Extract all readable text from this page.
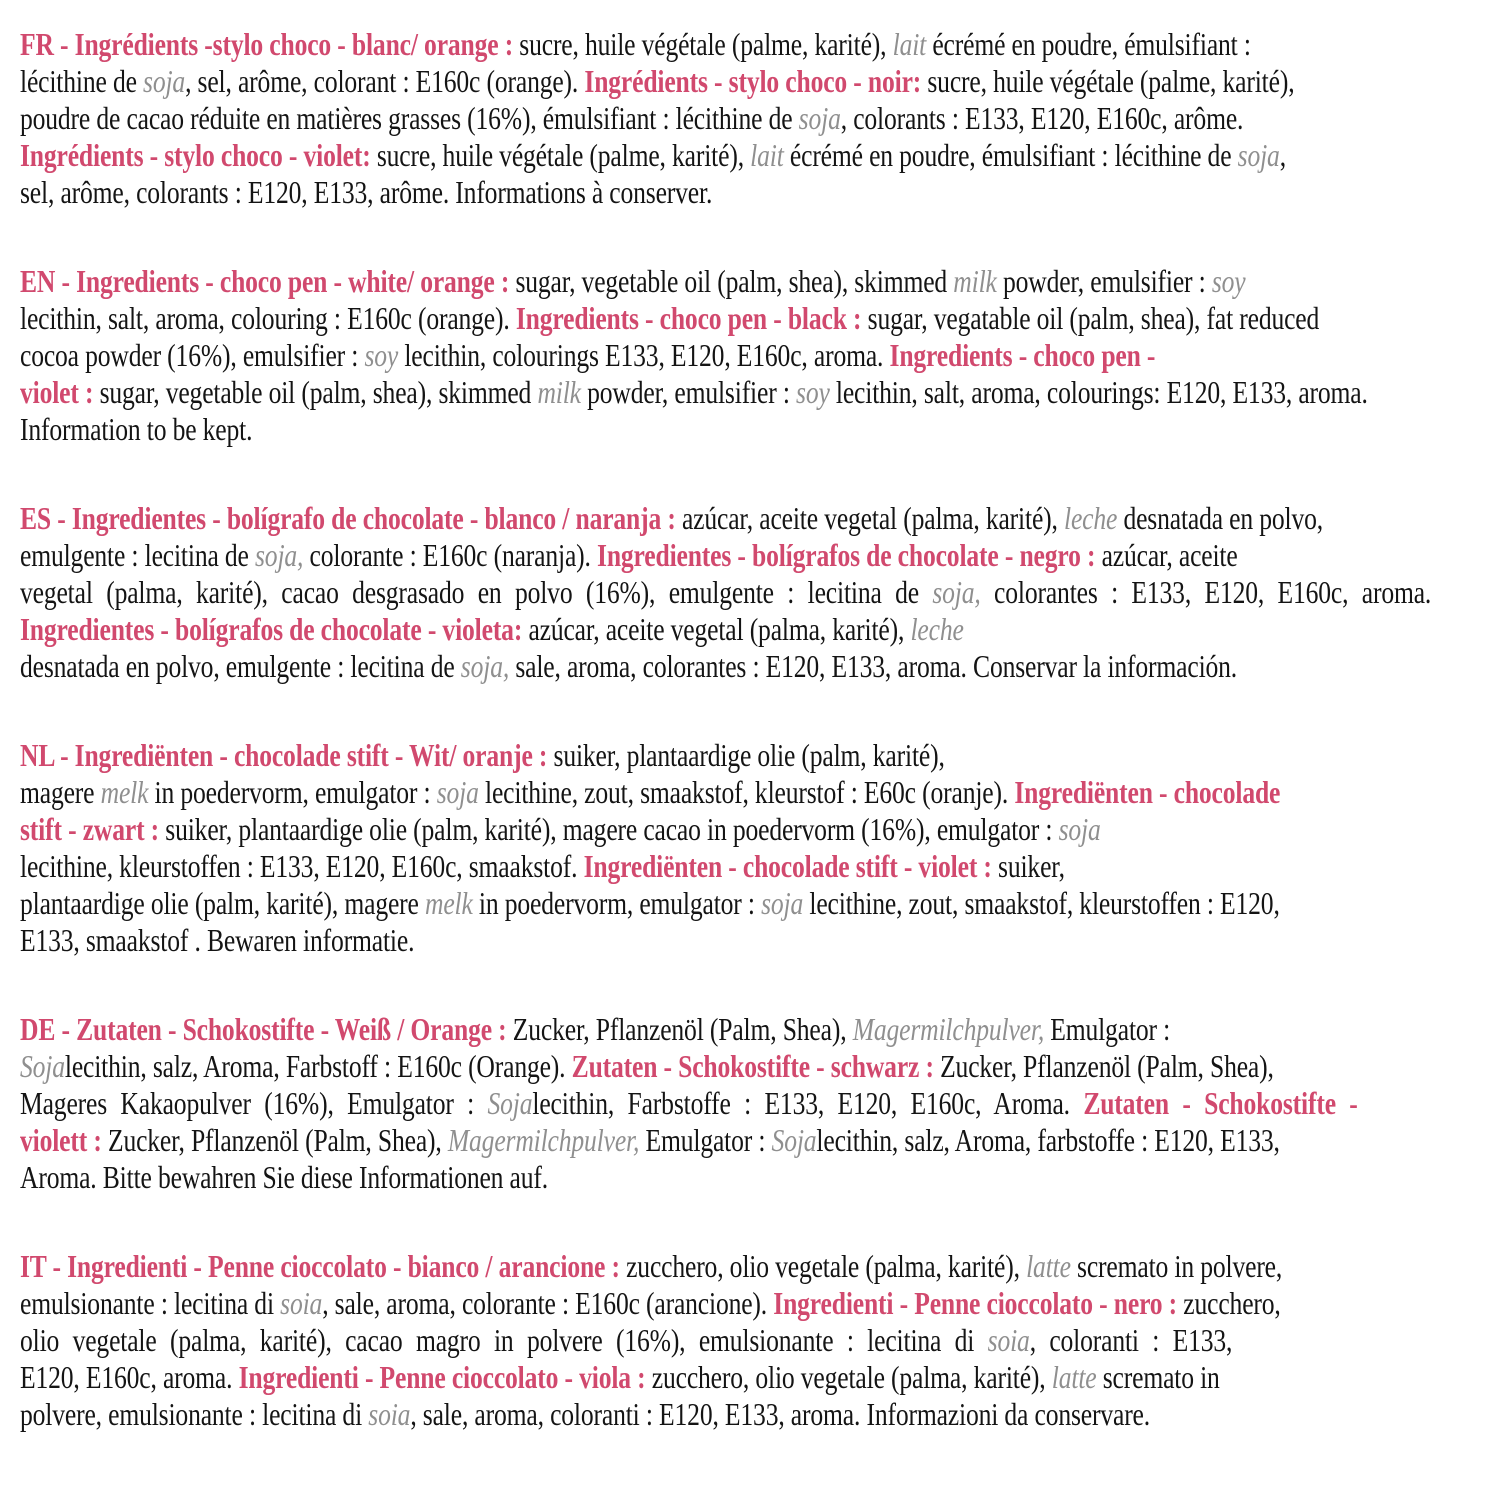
FR - Ingrédients -stylo choco - blanc/ orange : sucre, huile végétale (palme, karité), lait écrémé en poudre, émulsifiant :
lécithine de soja, sel, arôme, colorant : E160c (orange). Ingrédients - stylo choco - noir: sucre, huile végétale (palme, karité),
poudre de cacao réduite en matières grasses (16%), émulsifiant : lécithine de soja, colorants : E133, E120, E160c, arôme.
Ingrédients - stylo choco - violet: sucre, huile végétale (palme, karité), lait écrémé en poudre, émulsifiant : lécithine de soja,
sel, arôme, colorants : E120, E133, arôme. Informations à conserver.
EN - Ingredients - choco pen - white/ orange : sugar, vegetable oil (palm, shea), skimmed milk powder, emulsifier : soy
lecithin, salt, aroma, colouring : E160c (orange). Ingredients - choco pen - black : sugar, vegatable oil (palm, shea), fat reduced
cocoa powder (16%), emulsifier : soy lecithin, colourings E133, E120, E160c, aroma. Ingredients - choco pen -
violet : sugar, vegetable oil (palm, shea), skimmed milk powder, emulsifier : soy lecithin, salt, aroma, colourings: E120, E133, aroma.
Information to be kept.
ES - Ingredientes - bolígrafo de chocolate - blanco / naranja : azúcar, aceite vegetal (palma, karité), leche desnatada en polvo,
emulgente : lecitina de soja, colorante : E160c (naranja). Ingredientes - bolígrafos de chocolate - negro : azúcar, aceite
vegetal (palma, karité), cacao desgrasado en polvo (16%), emulgente : lecitina de soja, colorantes : E133, E120, E160c, aroma.
Ingredientes - bolígrafos de chocolate - violeta: azúcar, aceite vegetal (palma, karité), leche
desnatada en polvo, emulgente : lecitina de soja, sale, aroma, colorantes : E120, E133, aroma. Conservar la información.
NL - Ingrediënten - chocolade stift - Wit/ oranje : suiker, plantaardige olie (palm, karité),
magere melk in poedervorm, emulgator : soja lecithine, zout, smaakstof, kleurstof : E60c (oranje). Ingrediënten - chocolade
stift - zwart : suiker, plantaardige olie (palm, karité), magere cacao in poedervorm (16%), emulgator : soja
lecithine, kleurstoffen : E133, E120, E160c, smaakstof. Ingrediënten - chocolade stift - violet : suiker,
plantaardige olie (palm, karité), magere melk in poedervorm, emulgator : soja lecithine, zout, smaakstof, kleurstoffen : E120,
E133, smaakstof . Bewaren informatie.
DE - Zutaten - Schokostifte - Weiß / Orange : Zucker, Pflanzenöl (Palm, Shea), Magermilchpulver, Emulgator :
Sojalecithin, salz, Aroma, Farbstoff : E160c (Orange). Zutaten - Schokostifte - schwarz : Zucker, Pflanzenöl (Palm, Shea),
Mageres Kakaopulver (16%), Emulgator : Sojalecithin, Farbstoffe : E133, E120, E160c, Aroma. Zutaten - Schokostifte -
violett : Zucker, Pflanzenöl (Palm, Shea), Magermilchpulver, Emulgator : Sojalecithin, salz, Aroma, farbstoffe : E120, E133,
Aroma. Bitte bewahren Sie diese Informationen auf.
IT - Ingredienti - Penne cioccolato - bianco / arancione : zucchero, olio vegetale (palma, karité), latte scremato in polvere,
emulsionante : lecitina di soia, sale, aroma, colorante : E160c (arancione). Ingredienti - Penne cioccolato - nero : zucchero,
olio vegetale (palma, karité), cacao magro in polvere (16%), emulsionante : lecitina di soia, coloranti : E133,
E120, E160c, aroma. Ingredienti - Penne cioccolato - viola : zucchero, olio vegetale (palma, karité), latte scremato in
polvere, emulsionante : lecitina di soia, sale, aroma, coloranti : E120, E133, aroma. Informazioni da conservare.
